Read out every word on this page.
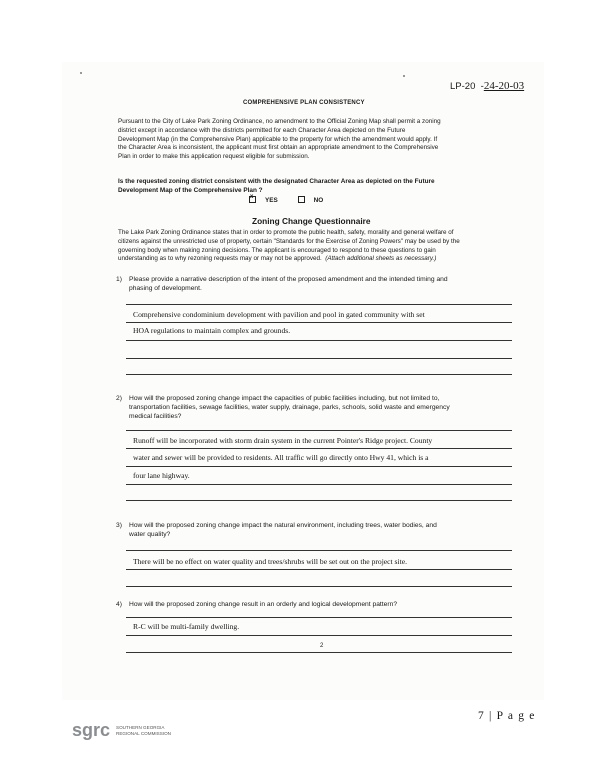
LP-20 -24-20-03
COMPREHENSIVE PLAN CONSISTENCY
Pursuant to the City of Lake Park Zoning Ordinance, no amendment to the Official Zoning Map shall permit a zoning
district except in accordance with the districts permitted for each Character Area depicted on the Future
Development Map (in the Comprehensive Plan) applicable to the property for which the amendment would apply. If
the Character Area is inconsistent, the applicant must first obtain an appropriate amendment to the Comprehensive
Plan in order to make this application request eligible for submission.
Is the requested zoning district consistent with the designated Character Area as depicted on the Future
Development Map of the Comprehensive Plan ?
xYES	NO
Zoning Change Questionnaire
The Lake Park Zoning Ordinance states that in order to promote the public health, safety, morality and general welfare of
citizens against the unrestricted use of property, certain "Standards for the Exercise of Zoning Powers" may be used by the
governing body when making zoning decisions. The applicant is encouraged to respond to these questions to gain
understanding as to why rezoning requests may or may not be approved. (Attach additional sheets as necessary.)
1) Please provide a narrative description of the intent of the proposed amendment and the intended timing and
phasing of development.
Comprehensive condominium development with pavilion and pool in gated community with set
HOA regulations to maintain complex and grounds.
2) How will the proposed zoning change impact the capacities of public facilities including, but not limited to,
transportation facilities, sewage facilities, water supply, drainage, parks, schools, solid waste and emergency
medical facilities?
Runoff will be incorporated with storm drain system in the current Pointer's Ridge project. County
water and sewer will be provided to residents. All traffic will go directly onto Hwy 41, which is a
four lane highway.
3) How will the proposed zoning change impact the natural environment, including trees, water bodies, and
water quality?
There will be no effect on water quality and trees/shrubs will be set out on the project site.
4) How will the proposed zoning change result in an orderly and logical development pattern?
R-C will be multi-family dwelling.
2
7 | P a g e
sgrc SOUTHERN GEORGIA
REGIONAL COMMISSION
